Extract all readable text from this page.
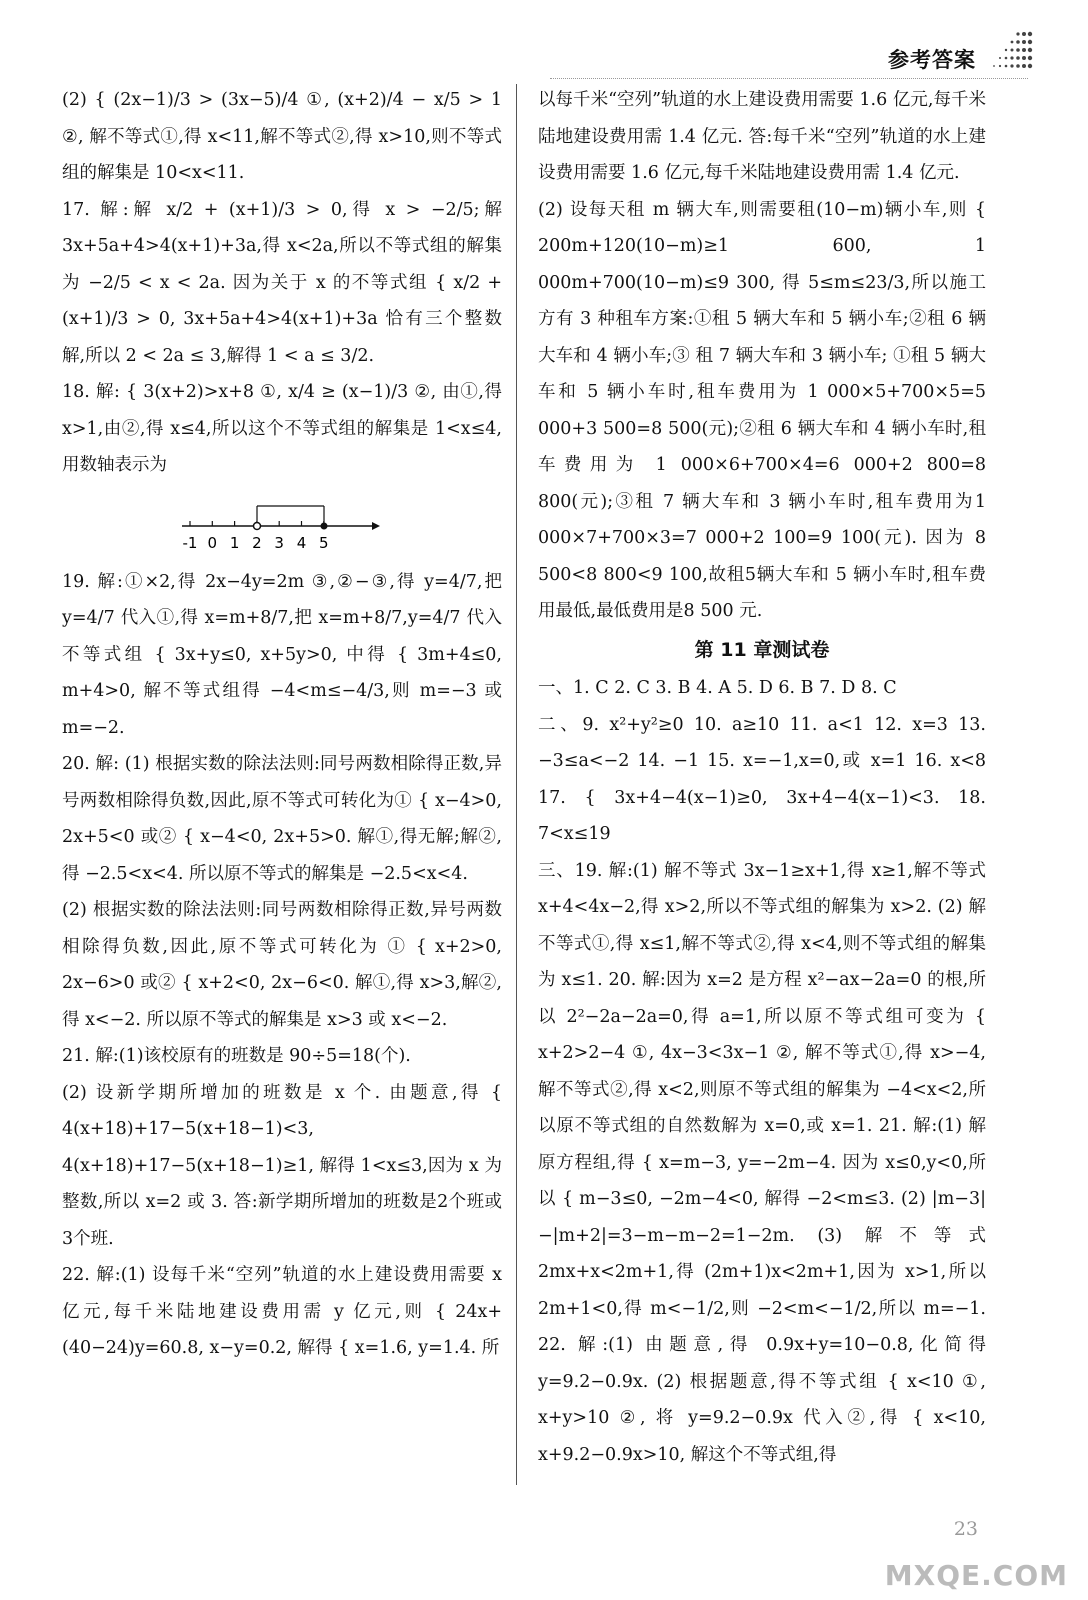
参考答案

(2) { (2x−1)/3 > (3x−5)/4 ①, (x+2)/4 − x/5 > 1 ②, 解不等式①,得 x<11,解不等式②,得 x>10,则不等式组的解集是 10<x<11.

17. 解:解 x/2 + (x+1)/3 > 0,得 x > −2/5;解 3x+5a+4>4(x+1)+3a,得 x<2a,所以不等式组的解集为 −2/5 < x < 2a. 因为关于 x 的不等式组 { x/2 + (x+1)/3 > 0, 3x+5a+4>4(x+1)+3a 恰有三个整数解,所以 2 < 2a ≤ 3,解得 1 < a ≤ 3/2.

18. 解: { 3(x+2)>x+8 ①, x/4 ≥ (x−1)/3 ②, 由①,得 x>1,由②,得 x≤4,所以这个不等式组的解集是 1<x≤4,用数轴表示为

-1 0 1 2 3 4 5

19. 解:①×2,得 2x−4y=2m ③,②−③,得 y=4/7,把 y=4/7 代入①,得 x=m+8/7,把 x=m+8/7,y=4/7 代入不等式组 { 3x+y≤0, x+5y>0, 中得 { 3m+4≤0, m+4>0, 解不等式组得 −4<m≤−4/3,则 m=−3 或 m=−2.

20. 解: (1) 根据实数的除法法则:同号两数相除得正数,异号两数相除得负数,因此,原不等式可转化为① { x−4>0, 2x+5<0 或② { x−4<0, 2x+5>0. 解①,得无解;解②,得 −2.5<x<4. 所以原不等式的解集是 −2.5<x<4.

(2) 根据实数的除法法则:同号两数相除得正数,异号两数相除得负数,因此,原不等式可转化为 ① { x+2>0, 2x−6>0 或② { x+2<0, 2x−6<0. 解①,得 x>3,解②,得 x<−2. 所以原不等式的解集是 x>3 或 x<−2.

21. 解:(1)该校原有的班数是 90÷5=18(个).

(2) 设新学期所增加的班数是 x 个. 由题意,得 { 4(x+18)+17−5(x+18−1)<3, 4(x+18)+17−5(x+18−1)≥1, 解得 1<x≤3,因为 x 为整数,所以 x=2 或 3. 答:新学期所增加的班数是2个班或3个班.

22. 解:(1) 设每千米“空列”轨道的水上建设费用需要 x 亿元,每千米陆地建设费用需 y 亿元,则 { 24x+(40−24)y=60.8, x−y=0.2, 解得 { x=1.6, y=1.4. 所

以每千米“空列”轨道的水上建设费用需要 1.6 亿元,每千米陆地建设费用需 1.4 亿元. 答:每千米“空列”轨道的水上建设费用需要 1.6 亿元,每千米陆地建设费用需 1.4 亿元.

(2) 设每天租 m 辆大车,则需要租(10−m)辆小车,则 { 200m+120(10−m)≥1 600, 1 000m+700(10−m)≤9 300, 得 5≤m≤23/3,所以施工方有 3 种租车方案:①租 5 辆大车和 5 辆小车;②租 6 辆大车和 4 辆小车;③ 租 7 辆大车和 3 辆小车; ①租 5 辆大车和 5 辆小车时,租车费用为 1 000×5+700×5=5 000+3 500=8 500(元);②租 6 辆大车和 4 辆小车时,租车费用为 1 000×6+700×4=6 000+2 800=8 800(元);③租 7 辆大车和 3 辆小车时,租车费用为1 000×7+700×3=7 000+2 100=9 100(元). 因为 8 500<8 800<9 100,故租5辆大车和 5 辆小车时,租车费用最低,最低费用是8 500 元.

第 11 章测试卷

一、1. C 2. C 3. B 4. A 5. D 6. B 7. D 8. C

二、9. x²+y²≥0 10. a≥10 11. a<1 12. x=3 13. −3≤a<−2 14. −1 15. x=−1,x=0,或 x=1 16. x<8 17. { 3x+4−4(x−1)≥0, 3x+4−4(x−1)<3. 18. 7<x≤19

三、19. 解:(1) 解不等式 3x−1≥x+1,得 x≥1,解不等式 x+4<4x−2,得 x>2,所以不等式组的解集为 x>2. (2) 解不等式①,得 x≤1,解不等式②,得 x<4,则不等式组的解集为 x≤1. 20. 解:因为 x=2 是方程 x²−ax−2a=0 的根,所以 2²−2a−2a=0,得 a=1,所以原不等式组可变为 { x+2>2−4 ①, 4x−3<3x−1 ②, 解不等式①,得 x>−4,解不等式②,得 x<2,则原不等式组的解集为 −4<x<2,所以原不等式组的自然数解为 x=0,或 x=1. 21. 解:(1) 解原方程组,得 { x=m−3, y=−2m−4. 因为 x≤0,y<0,所以 { m−3≤0, −2m−4<0, 解得 −2<m≤3. (2) |m−3|−|m+2|=3−m−m−2=1−2m. (3) 解不等式 2mx+x<2m+1,得 (2m+1)x<2m+1,因为 x>1,所以 2m+1<0,得 m<−1/2,则 −2<m<−1/2,所以 m=−1. 22. 解:(1) 由题意,得 0.9x+y=10−0.8,化简得 y=9.2−0.9x. (2) 根据题意,得不等式组 { x<10 ①, x+y>10 ②, 将 y=9.2−0.9x 代入②,得 { x<10, x+9.2−0.9x>10, 解这个不等式组,得

23
MXQE.COM
